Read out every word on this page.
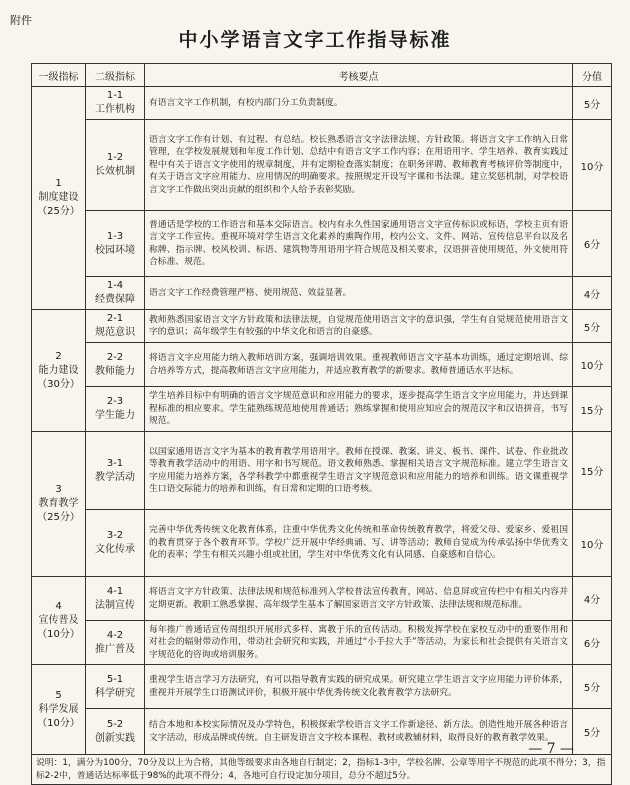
附件
中小学语言文字工作指导标准
一级指标	二级指标	考核要点	分值
1
制度建设
（25分）	1-1
工作机构	有语言文字工作机制，有校内部门分工负责制度。	5分
	1-2
长效机制	语言文字工作有计划、有过程、有总结。校长熟悉语言文字法律法规、方针政策。将语言文字工作纳入日常管理，在学校发展规划和年度工作计划、总结中有语言文字工作内容；在用语用字、学生培养、教育实践过程中有关于语言文字使用的规章制度，并有定期检查落实制度；在职务评聘、教师教育考核评价等制度中，有关于语言文字应用能力、应用情况的明确要求。按照规定开设写字课和书法课。建立奖惩机制，对学校语言文字工作做出突出贡献的组织和个人给予表彰奖励。	10分
	1-3
校园环境	普通话是学校的工作语言和基本交际语言。校内有永久性国家通用语言文字宣传标识或标语，学校主页有语言文字工作宣传。重视环境对学生语言文化素养的熏陶作用，校内公文、文件、网站、宣传信息平台以及名称牌、指示牌、校风校训、标语、建筑物等用语用字符合规范及相关要求，汉语拼音使用规范，外文使用符合标准、规范。	6分
	1-4
经费保障	语言文字工作经费管理严格、使用规范、效益显著。	4分
2
能力建设
（30分）	2-1
规范意识	教师熟悉国家语言文字方针政策和法律法规，自觉规范使用语言文字的意识强，学生有自觉规范使用语言文字的意识；高年级学生有较强的中华文化和语言的自豪感。	5分
	2-2
教师能力	将语言文字应用能力纳入教师培训方案，强调培训效果。重视教师语言文字基本功训练，通过定期培训、综合培养等方式，提高教师语言文字应用能力，并适应教育教学的新要求。教师普通话水平达标。	10分
	2-3
学生能力	学生培养目标中有明确的语言文字规范意识和应用能力的要求，逐步提高学生语言文字应用能力，并达到课程标准的相应要求。学生能熟练规范地使用普通话；熟练掌握和使用应知应会的规范汉字和汉语拼音，书写规范。	15分
3
教育教学
（25分）	3-1
教学活动	以国家通用语言文字为基本的教育教学用语用字。教师在授课、教案、讲义、板书、课件、试卷、作业批改等教育教学活动中的用语、用字和书写规范。语文教师熟悉、掌握相关语言文字规范标准。建立学生语言文字应用能力培养方案，各学科教学中都重视学生语言文字规范意识和应用能力的培养和训练。语文课重视学生口语交际能力的培养和训练，有日常和定期的口语考核。	15分
	3-2
文化传承	完善中华优秀传统文化教育体系，注重中华优秀文化传统和革命传统教育教学，将爱父母、爱家乡、爱祖国的教育贯穿于各个教育环节。学校广泛开展中华经典诵、写、讲等活动；教师自觉成为传承弘扬中华优秀文化的表率；学生有相关兴趣小组或社团，学生对中华优秀文化有认同感、自豪感和自信心。	10分
4
宣传普及
（10分）	4-1
法制宣传	将语言文字方针政策、法律法规和规范标准列入学校普法宣传教育，网站、信息屏或宣传栏中有相关内容并定期更新。教职工熟悉掌握、高年级学生基本了解国家语言文字方针政策、法律法规和规范标准。	4分
	4-2
推广普及	每年推广普通话宣传周组织开展形式多样、寓教于乐的宣传活动。积极发挥学校在家校互动中的重要作用和对社会的辐射带动作用，带动社会研究和实践，并通过“小手拉大手”等活动，为家长和社会提供有关语言文字规范化的咨询或培训服务。	6分
5
科学发展
（10分）	5-1
科学研究	重视学生语言学习方法研究，有可以指导教育实践的研究成果。研究建立学生语言文字应用能力评价体系，重视并开展学生口语测试评价，积极开展中华优秀传统文化教育教学方法研究。	5分
	5-2
创新实践	结合本地和本校实际情况及办学特色，积极探索学校语言文字工作新途径、新方法。创造性地开展各种语言文字活动，形成品牌或传统。自主研发语言文字校本课程、教材或教辅材料，取得良好的教育教学效果。	5分
说明：1，满分为100分，70分及以上为合格，其他等级要求由各地自行制定；2，指标1-3中，学校名牌、公章等用字不规范的此项不得分；3，指标2-2中，普通话达标率低于98%的此项不得分；4，各地可自行设定加分项目，总分不超过5分。			
— 7 —
